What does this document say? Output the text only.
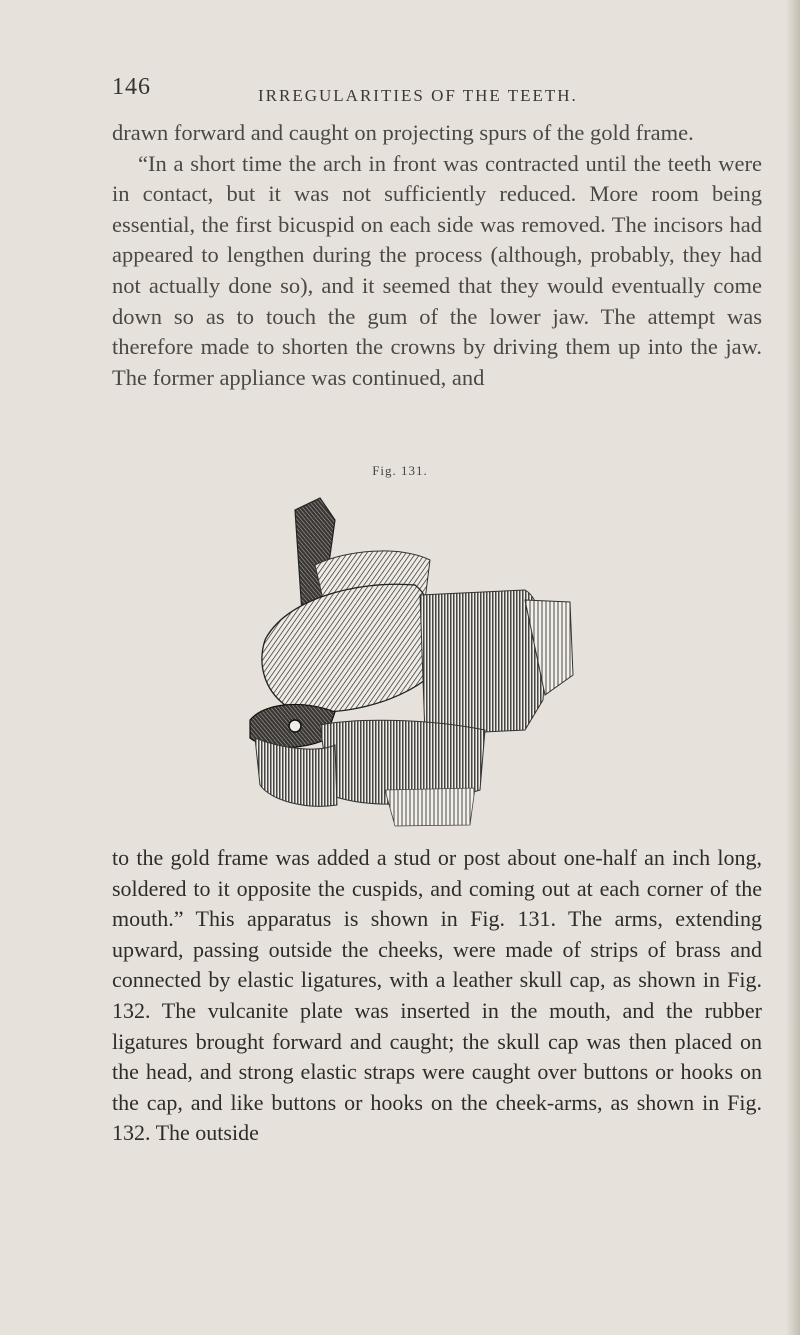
146	IRREGULARITIES OF THE TEETH.

drawn forward and caught on projecting spurs of the gold frame.

“In a short time the arch in front was contracted until the teeth were in contact, but it was not sufficiently reduced. More room being essential, the first bicuspid on each side was removed. The incisors had appeared to lengthen during the process (although, probably, they had not actually done so), and it seemed that they would eventually come down so as to touch the gum of the lower jaw. The attempt was therefore made to shorten the crowns by driving them up into the jaw. The former appliance was continued, and

Fig. 131.

to the gold frame was added a stud or post about one-half an inch long, soldered to it opposite the cuspids, and coming out at each corner of the mouth.” This apparatus is shown in Fig. 131. The arms, extending upward, passing outside the cheeks, were made of strips of brass and connected by elastic ligatures, with a leather skull cap, as shown in Fig. 132. The vulcanite plate was inserted in the mouth, and the rubber ligatures brought forward and caught; the skull cap was then placed on the head, and strong elastic straps were caught over buttons or hooks on the cap, and like buttons or hooks on the cheek-arms, as shown in Fig. 132. The outside
